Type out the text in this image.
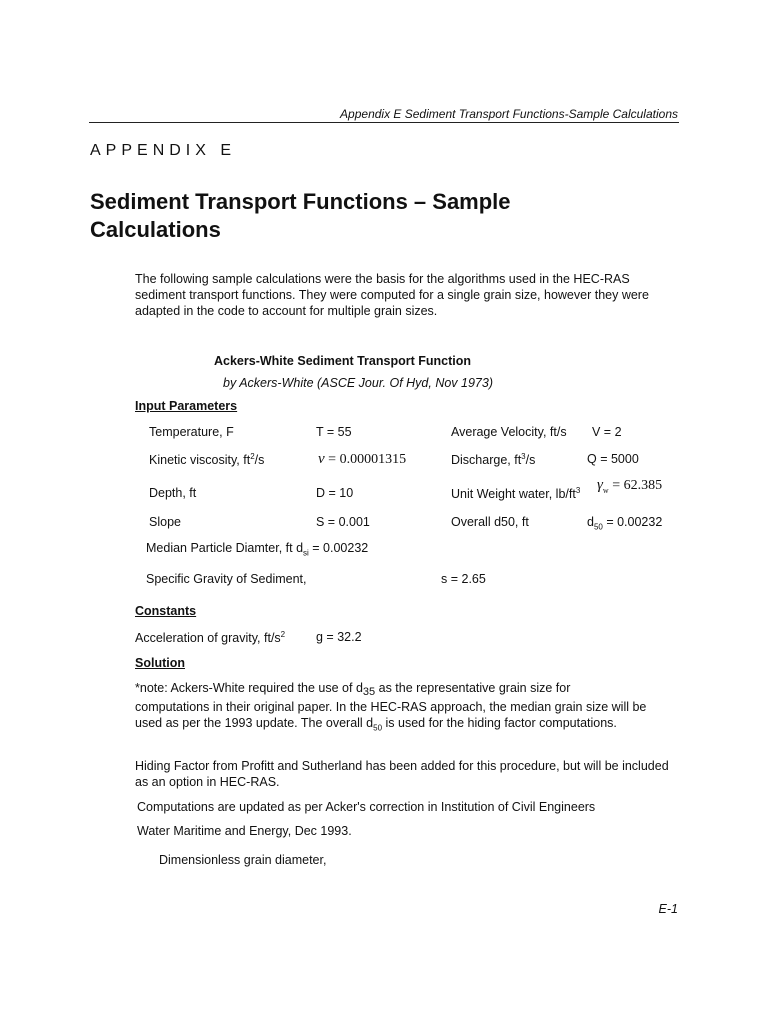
Appendix E Sediment Transport Functions-Sample Calculations
APPENDIX E
Sediment Transport Functions – Sample Calculations
The following sample calculations were the basis for the algorithms used in the HEC-RAS sediment transport functions. They were computed for a single grain size, however they were adapted in the code to account for multiple grain sizes.
Ackers-White Sediment Transport Function
by Ackers-White (ASCE Jour. Of Hyd, Nov 1973)
Input Parameters
Temperature, F	T = 55	Average Velocity, ft/s V = 2
Kinetic viscosity, $ft^2/s$	ν = 0.00001315	Discharge, $ft^3/s$	Q = 5000
Depth, ft	D = 10	Unit Weight water, $lb/ft^3$ $\gamma_w = 62.385$
Slope	S = 0.001	Overall d50, ft	$d_{50} = 0.00232$
Median Particle Diamter, ft $d_{si} = 0.00232$
Specific Gravity of Sediment,	s = 2.65
Constants
Acceleration of gravity, $ft/s^2$ g = 32.2
Solution
*note: Ackers-White required the use of d35 as the representative grain size for
computations in their original paper. In the HEC-RAS approach, the median grain size will be used as per the 1993 update. The overall $d_{50}$ is used for the hiding factor computations.
Hiding Factor from Profitt and Sutherland has been added for this procedure, but will be included as an option in HEC-RAS.
Computations are updated as per Acker's correction in Institution of Civil Engineers
Water Maritime and Energy, Dec 1993.
Dimensionless grain diameter,
E-1
